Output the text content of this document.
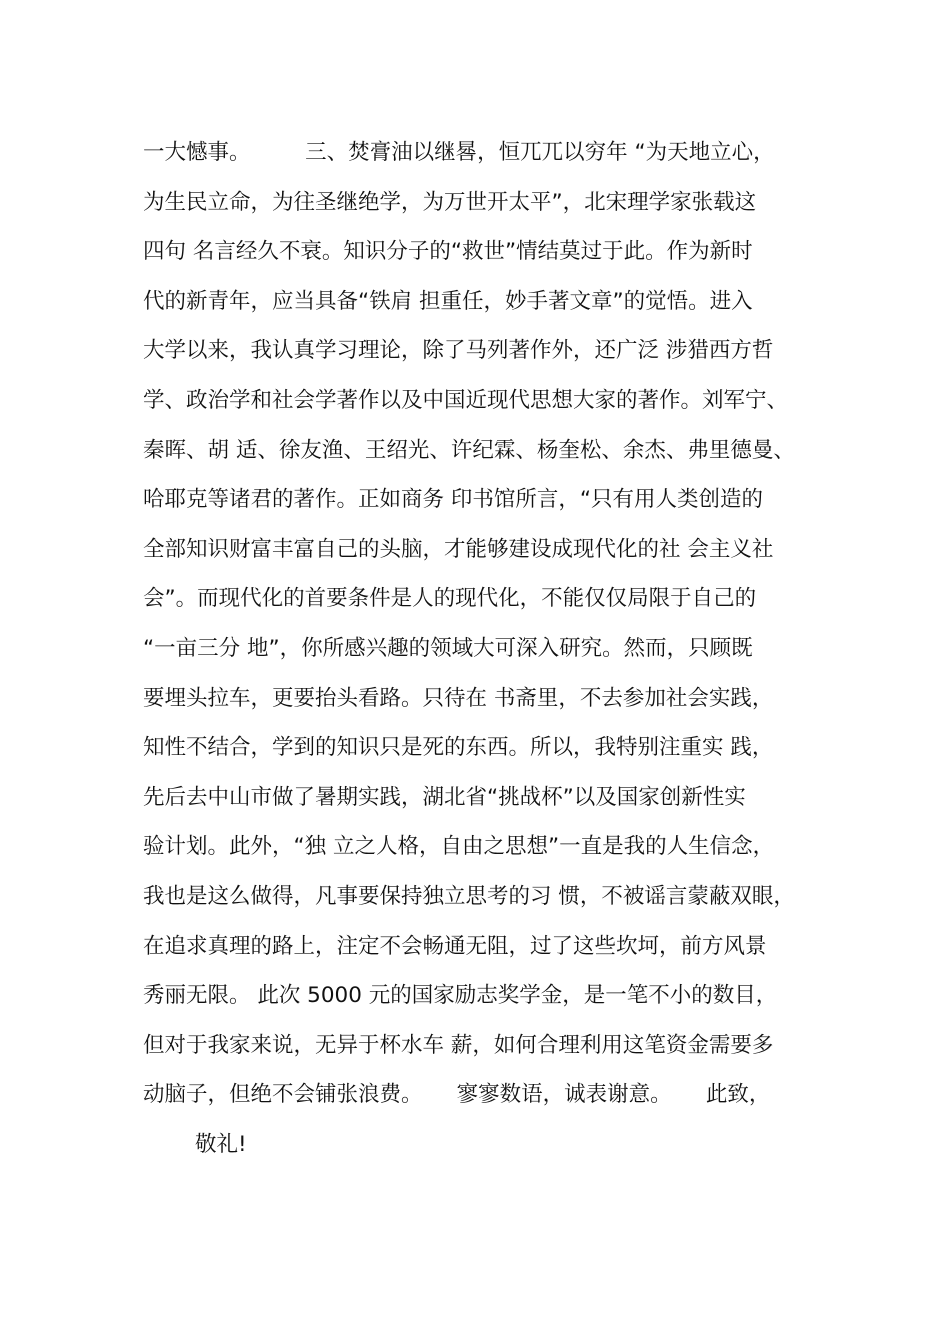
一大憾事。        三、焚膏油以继晷，恒兀兀以穷年 “为天地立心，
为生民立命，为往圣继绝学，为万世开太平”，北宋理学家张载这
四句 名言经久不衰。知识分子的“救世”情结莫过于此。作为新时
代的新青年，应当具备“铁肩 担重任，妙手著文章”的觉悟。进入
大学以来，我认真学习理论，除了马列著作外，还广泛 涉猎西方哲
学、政治学和社会学著作以及中国近现代思想大家的著作。刘军宁、
秦晖、胡 适、徐友渔、王绍光、许纪霖、杨奎松、余杰、弗里德曼、
哈耶克等诸君的著作。正如商务 印书馆所言，“只有用人类创造的
全部知识财富丰富自己的头脑，才能够建设成现代化的社 会主义社
会”。而现代化的首要条件是人的现代化，不能仅仅局限于自己的
“一亩三分 地”，你所感兴趣的领域大可深入研究。然而，只顾既
要埋头拉车，更要抬头看路。只待在 书斋里，不去参加社会实践，
知性不结合，学到的知识只是死的东西。所以，我特别注重实 践，
先后去中山市做了暑期实践，湖北省“挑战杯”以及国家创新性实
验计划。此外，“独 立之人格，自由之思想”一直是我的人生信念，
我也是这么做得，凡事要保持独立思考的习 惯，不被谣言蒙蔽双眼，
在追求真理的路上，注定不会畅通无阻，过了这些坎坷，前方风景
秀丽无限。 此次 5000 元的国家励志奖学金，是一笔不小的数目，
但对于我家来说，无异于杯水车 薪，如何合理利用这笔资金需要多
动脑子，但绝不会铺张浪费。     寥寥数语，诚表谢意。     此致，
敬礼!
